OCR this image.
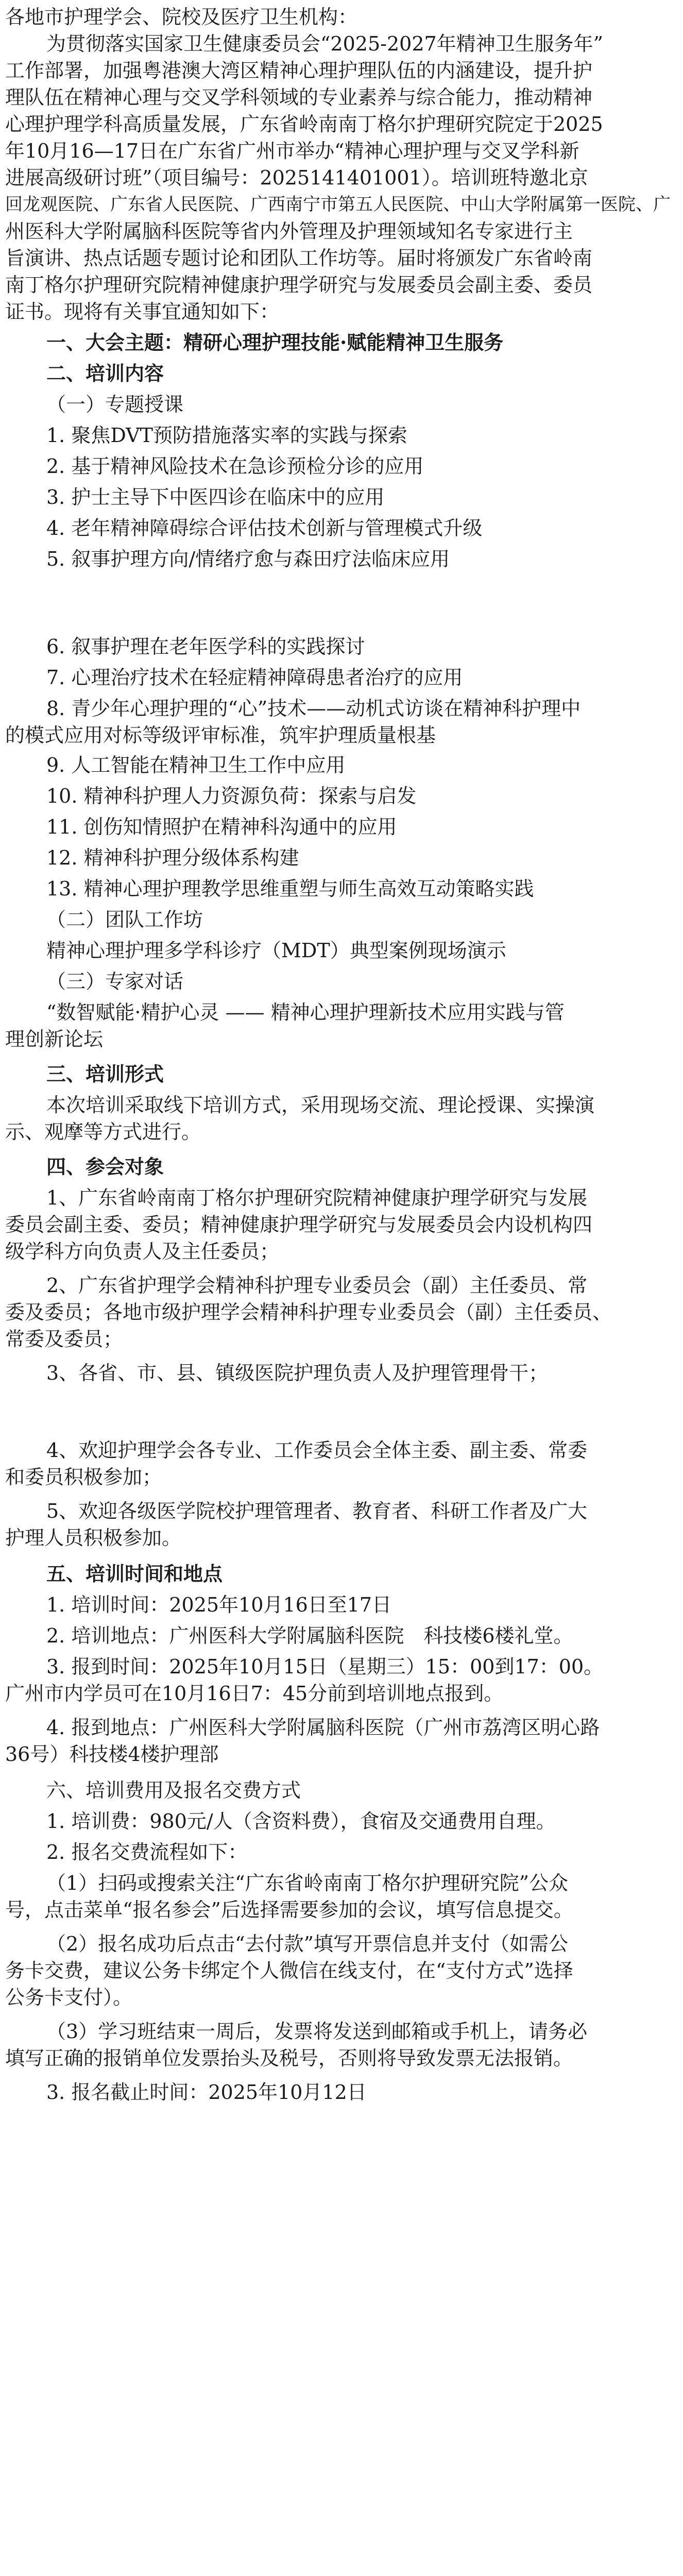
各地市护理学会、院校及医疗卫生机构：
为贯彻落实国家卫生健康委员会“2025-2027年精神卫生服务年”
工作部署，加强粤港澳大湾区精神心理护理队伍的内涵建设，提升护
理队伍在精神心理与交叉学科领域的专业素养与综合能力，推动精神
心理护理学科高质量发展，广东省岭南南丁格尔护理研究院定于2025
年10月16—17日在广东省广州市举办“精神心理护理与交叉学科新
进展高级研讨班”（项目编号：2025141401001）。培训班特邀北京
回龙观医院、广东省人民医院、广西南宁市第五人民医院、中山大学附属第一医院、广
州医科大学附属脑科医院等省内外管理及护理领域知名专家进行主
旨演讲、热点话题专题讨论和团队工作坊等。届时将颁发广东省岭南
南丁格尔护理研究院精神健康护理学研究与发展委员会副主委、委员
证书。现将有关事宜通知如下：
一、大会主题：精研心理护理技能·赋能精神卫生服务
二、培训内容
（一）专题授课
1. 聚焦DVT预防措施落实率的实践与探索
2. 基于精神风险技术在急诊预检分诊的应用
3. 护士主导下中医四诊在临床中的应用
4. 老年精神障碍综合评估技术创新与管理模式升级
5. 叙事护理方向/情绪疗愈与森田疗法临床应用
6. 叙事护理在老年医学科的实践探讨
7. 心理治疗技术在轻症精神障碍患者治疗的应用
8. 青少年心理护理的“心”技术——动机式访谈在精神科护理中
的模式应用对标等级评审标准，筑牢护理质量根基
9. 人工智能在精神卫生工作中应用
10. 精神科护理人力资源负荷：探索与启发
11. 创伤知情照护在精神科沟通中的应用
12. 精神科护理分级体系构建
13. 精神心理护理教学思维重塑与师生高效互动策略实践
（二）团队工作坊
精神心理护理多学科诊疗（MDT）典型案例现场演示
（三）专家对话
“数智赋能·精护心灵 —— 精神心理护理新技术应用实践与管
理创新论坛
三、培训形式
本次培训采取线下培训方式，采用现场交流、理论授课、实操演
示、观摩等方式进行。
四、参会对象
1、广东省岭南南丁格尔护理研究院精神健康护理学研究与发展
委员会副主委、委员；精神健康护理学研究与发展委员会内设机构四
级学科方向负责人及主任委员；
2、广东省护理学会精神科护理专业委员会（副）主任委员、常
委及委员；各地市级护理学会精神科护理专业委员会（副）主任委员、
常委及委员；
3、各省、市、县、镇级医院护理负责人及护理管理骨干；
4、欢迎护理学会各专业、工作委员会全体主委、副主委、常委
和委员积极参加；
5、欢迎各级医学院校护理管理者、教育者、科研工作者及广大
护理人员积极参加。
五、培训时间和地点
1. 培训时间：2025年10月16日至17日
2. 培训地点：广州医科大学附属脑科医院　科技楼6楼礼堂。
3. 报到时间：2025年10月15日（星期三）15：00到17：00。
广州市内学员可在10月16日7：45分前到培训地点报到。
4. 报到地点：广州医科大学附属脑科医院（广州市荔湾区明心路
36号）科技楼4楼护理部
六、培训费用及报名交费方式
1. 培训费：980元/人（含资料费），食宿及交通费用自理。
2. 报名交费流程如下：
（1）扫码或搜索关注“广东省岭南南丁格尔护理研究院”公众
号，点击菜单“报名参会”后选择需要参加的会议，填写信息提交。
（2）报名成功后点击“去付款”填写开票信息并支付（如需公
务卡交费，建议公务卡绑定个人微信在线支付，在“支付方式”选择
公务卡支付）。
（3）学习班结束一周后，发票将发送到邮箱或手机上，请务必
填写正确的报销单位发票抬头及税号，否则将导致发票无法报销。
3. 报名截止时间：2025年10月12日
